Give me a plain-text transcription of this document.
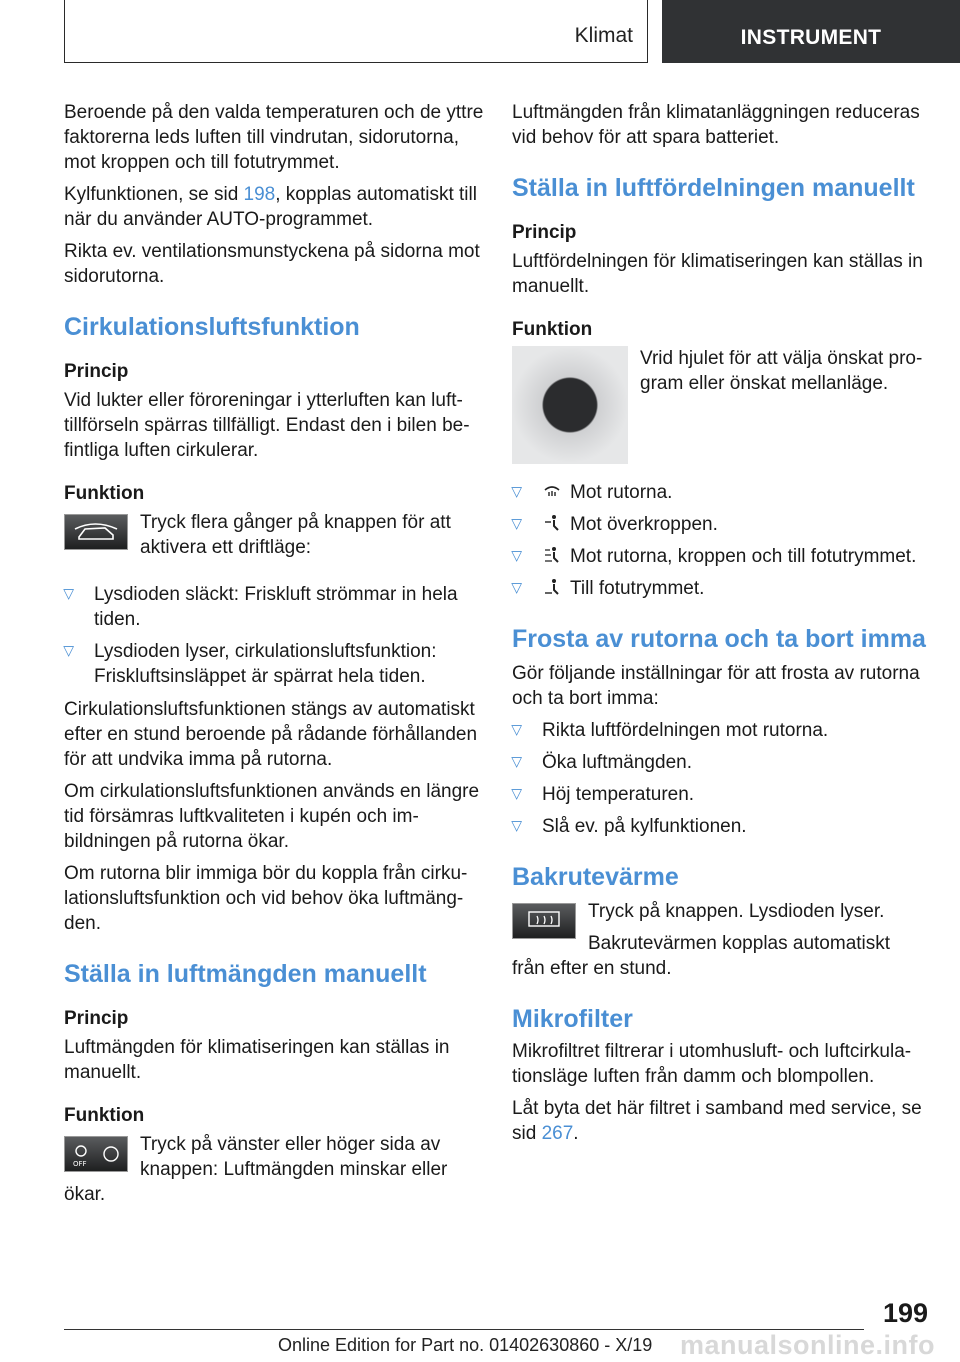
Klimat	INSTRUMENT

Beroende på den valda temperaturen och de yttre faktorerna leds luften till vindrutan, sidorutorna, mot kroppen och till fotutrymmet.

Kylfunktionen, se sid 198, kopplas automatiskt till när du använder AUTO-programmet.

Rikta ev. ventilationsmunstyckena på sidorna mot sidorutorna.

Cirkulationsluftsfunktion
Princip

Vid lukter eller föroreningar i ytterluften kan lufttillförseln spärras tillfälligt. Endast den i bilen befintliga luften cirkulerar.

Funktion

Tryck flera gånger på knappen för att aktivera ett driftläge:

▷ Lysdioden släckt: Friskluft strömmar in hela tiden.
▷ Lysdioden lyser, cirkulationsluftsfunktion: Friskluftsinsläppet är spärrat hela tiden.

Cirkulationsluftsfunktionen stängs av automatiskt efter en stund beroende på rådande förhållanden för att undvika imma på rutorna.

Om cirkulationsluftsfunktionen används en längre tid försämras luftkvaliteten i kupén och imbildningen på rutorna ökar.

Om rutorna blir immiga bör du koppla från cirkulationsluftsfunktion och vid behov öka luftmängden.

Ställa in luftmängden manuellt
Princip

Luftmängden för klimatiseringen kan ställas in manuellt.

Funktion
OFF

Tryck på vänster eller höger sida av knappen: Luftmängden minskar eller ökar.

Luftmängden från klimatanläggningen reduceras vid behov för att spara batteriet.

Ställa in luftfördelningen manuellt
Princip

Luftfördelningen för klimatiseringen kan ställas in manuellt.

Funktion

Vrid hjulet för att välja önskat program eller önskat mellanläge.

▷ Mot rutorna.
▷ Mot överkroppen.
▷ Mot rutorna, kroppen och till fotutrymmet.
▷ Till fotutrymmet.
Frosta av rutorna och ta bort imma

Gör följande inställningar för att frosta av rutorna och ta bort imma:

▷ Rikta luftfördelningen mot rutorna.
▷ Öka luftmängden.
▷ Höj temperaturen.
▷ Slå ev. på kylfunktionen.
Bakrutevärme

Tryck på knappen. Lysdioden lyser.

Bakrutevärmen kopplas automatiskt från efter en stund.

Mikrofilter

Mikrofiltret filtrerar i utomhusluft- och luftcirkulationsläge luften från damm och blompollen.

Låt byta det här filtret i samband med service, se sid 267.

199
manualsonline.info
Online Edition for Part no. 01402630860 - X/19
